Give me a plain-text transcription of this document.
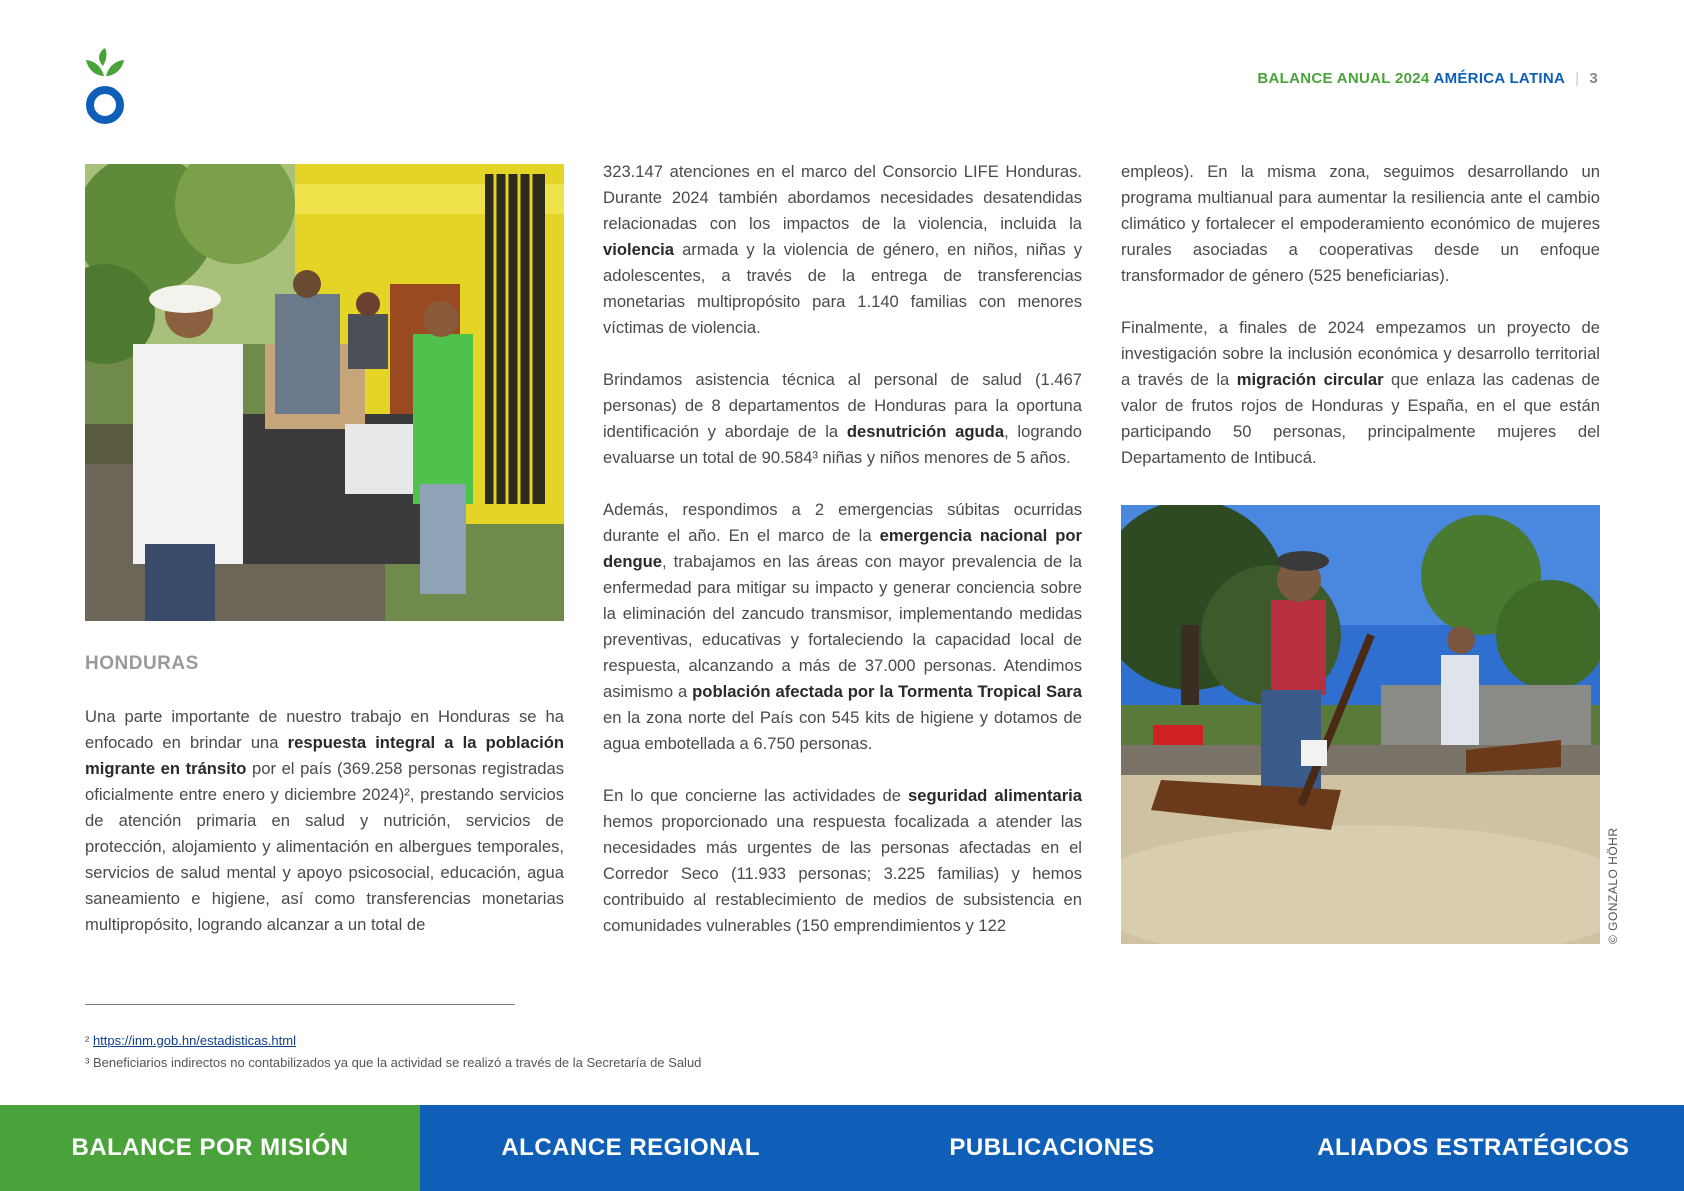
BALANCE ANUAL 2024 AMÉRICA LATINA | 3
HONDURAS

Una parte importante de nuestro trabajo en Honduras se ha enfocado en brindar una respuesta integral a la población migrante en tránsito por el país (369.258 personas registradas oficialmente entre enero y diciembre 2024)², prestando servicios de atención primaria en salud y nutrición, servicios de protección, alojamiento y alimentación en albergues temporales, servicios de salud mental y apoyo psicosocial, educación, agua saneamiento e higiene, así como transferencias monetarias multipropósito, logrando alcanzar a un total de

323.147 atenciones en el marco del Consorcio LIFE Honduras. Durante 2024 también abordamos necesidades desatendidas relacionadas con los impactos de la violencia, incluida la violencia armada y la violencia de género, en niños, niñas y adolescentes, a través de la entrega de transferencias monetarias multipropósito para 1.140 familias con menores víctimas de violencia.

Brindamos asistencia técnica al personal de salud (1.467 personas) de 8 departamentos de Honduras para la oportuna identificación y abordaje de la desnutrición aguda, logrando evaluarse un total de 90.584³ niñas y niños menores de 5 años.

Además, respondimos a 2 emergencias súbitas ocurridas durante el año. En el marco de la emergencia nacional por dengue, trabajamos en las áreas con mayor prevalencia de la enfermedad para mitigar su impacto y generar conciencia sobre la eliminación del zancudo transmisor, implementando medidas preventivas, educativas y fortaleciendo la capacidad local de respuesta, alcanzando a más de 37.000 personas. Atendimos asimismo a población afectada por la Tormenta Tropical Sara en la zona norte del País con 545 kits de higiene y dotamos de agua embotellada a 6.750 personas.

En lo que concierne las actividades de seguridad alimentaria hemos proporcionado una respuesta focalizada a atender las necesidades más urgentes de las personas afectadas en el Corredor Seco (11.933 personas; 3.225 familias) y hemos contribuido al restablecimiento de medios de subsistencia en comunidades vulnerables (150 emprendimientos y 122

empleos). En la misma zona, seguimos desarrollando un programa multianual para aumentar la resiliencia ante el cambio climático y fortalecer el empoderamiento económico de mujeres rurales asociadas a cooperativas desde un enfoque transformador de género (525 beneficiarias).

Finalmente, a finales de 2024 empezamos un proyecto de investigación sobre la inclusión económica y desarrollo territorial a través de la migración circular que enlaza las cadenas de valor de frutos rojos de Honduras y España, en el que están participando 50 personas, principalmente mujeres del Departamento de Intibucá.

© GONZALO HÖHR
² https://inm.gob.hn/estadisticas.html
³ Beneficiarios indirectos no contabilizados ya que la actividad se realizó a través de la Secretaría de Salud
BALANCE POR MISIÓN	ALCANCE REGIONAL	PUBLICACIONES	ALIADOS ESTRATÉGICOS
